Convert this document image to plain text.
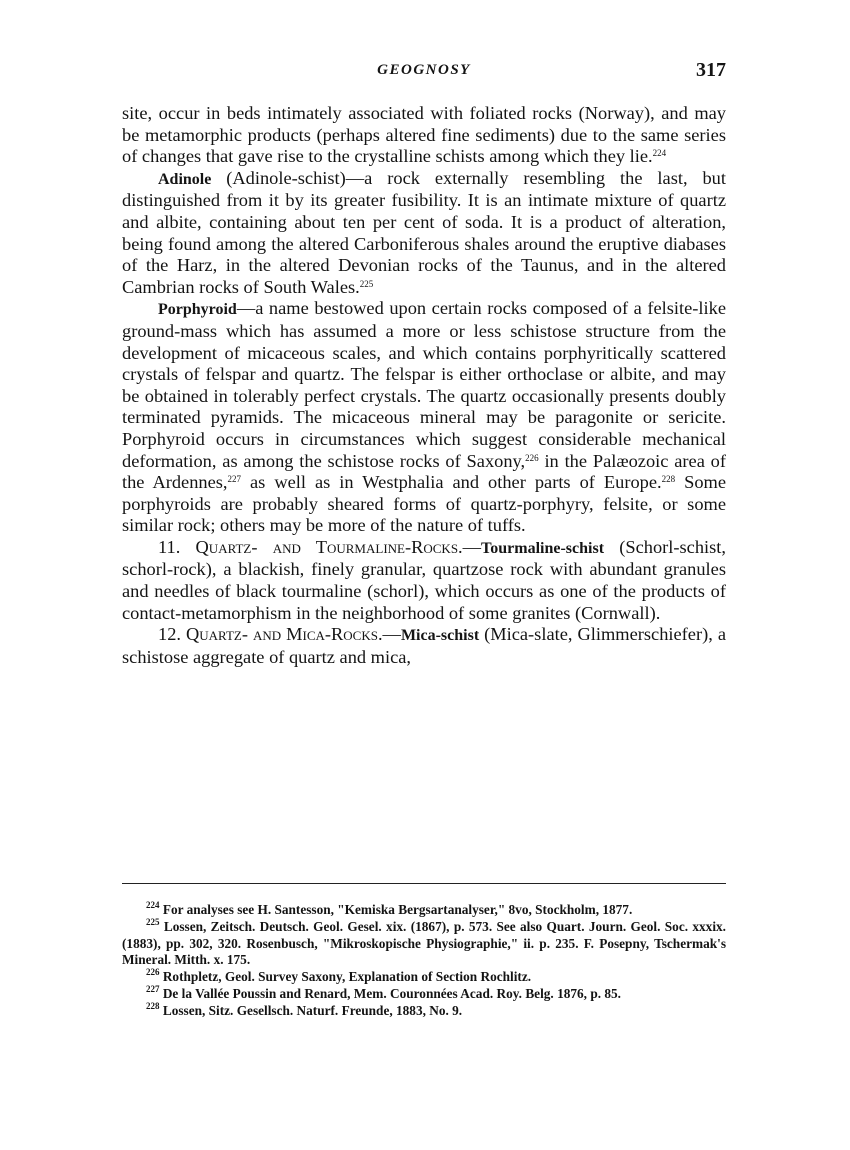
GEOGNOSY	317

site, occur in beds intimately associated with foliated rocks (Norway), and may be metamorphic products (perhaps altered fine sediments) due to the same series of changes that gave rise to the crystalline schists among which they lie.$^{224}$

Adinole (Adinole-schist)—a rock externally resembling the last, but distinguished from it by its greater fusibility. It is an intimate mixture of quartz and albite, containing about ten per cent of soda. It is a product of alteration, being found among the altered Carboniferous shales around the eruptive diabases of the Harz, in the altered Devonian rocks of the Taunus, and in the altered Cambrian rocks of South Wales.$^{225}$

Porphyroid—a name bestowed upon certain rocks composed of a felsite-like ground-mass which has assumed a more or less schistose structure from the development of micaceous scales, and which contains porphyritically scattered crystals of felspar and quartz. The felspar is either orthoclase or albite, and may be obtained in tolerably perfect crystals. The quartz occasionally presents doubly terminated pyramids. The micaceous mineral may be paragonite or sericite. Porphyroid occurs in circumstances which suggest considerable mechanical deformation, as among the schistose rocks of Saxony,$^{226}$ in the Palæozoic area of the Ardennes,$^{227}$ as well as in Westphalia and other parts of Europe.$^{228}$ Some porphyroids are probably sheared forms of quartz-porphyry, felsite, or some similar rock; others may be more of the nature of tuffs.

11. Quartz- and Tourmaline-Rocks.—Tourmaline-schist (Schorl-schist, schorl-rock), a blackish, finely granular, quartzose rock with abundant granules and needles of black tourmaline (schorl), which occurs as one of the products of contact-metamorphism in the neighborhood of some granites (Cornwall).

12. Quartz- and Mica-Rocks.—Mica-schist (Mica-slate, Glimmerschiefer), a schistose aggregate of quartz and mica,

$^{224}$ For analyses see H. Santesson, "Kemiska Bergsartanalyser," 8vo, Stockholm, 1877.

$^{225}$ Lossen, Zeitsch. Deutsch. Geol. Gesel. xix. (1867), p. 573. See also Quart. Journ. Geol. Soc. xxxix. (1883), pp. 302, 320. Rosenbusch, "Mikroskopische Physiographie," ii. p. 235. F. Posepny, Tschermak's Mineral. Mitth. x. 175.

$^{226}$ Rothpletz, Geol. Survey Saxony, Explanation of Section Rochlitz.

$^{227}$ De la Vallée Poussin and Renard, Mem. Couronnées Acad. Roy. Belg. 1876, p. 85.

$^{228}$ Lossen, Sitz. Gesellsch. Naturf. Freunde, 1883, No. 9.
